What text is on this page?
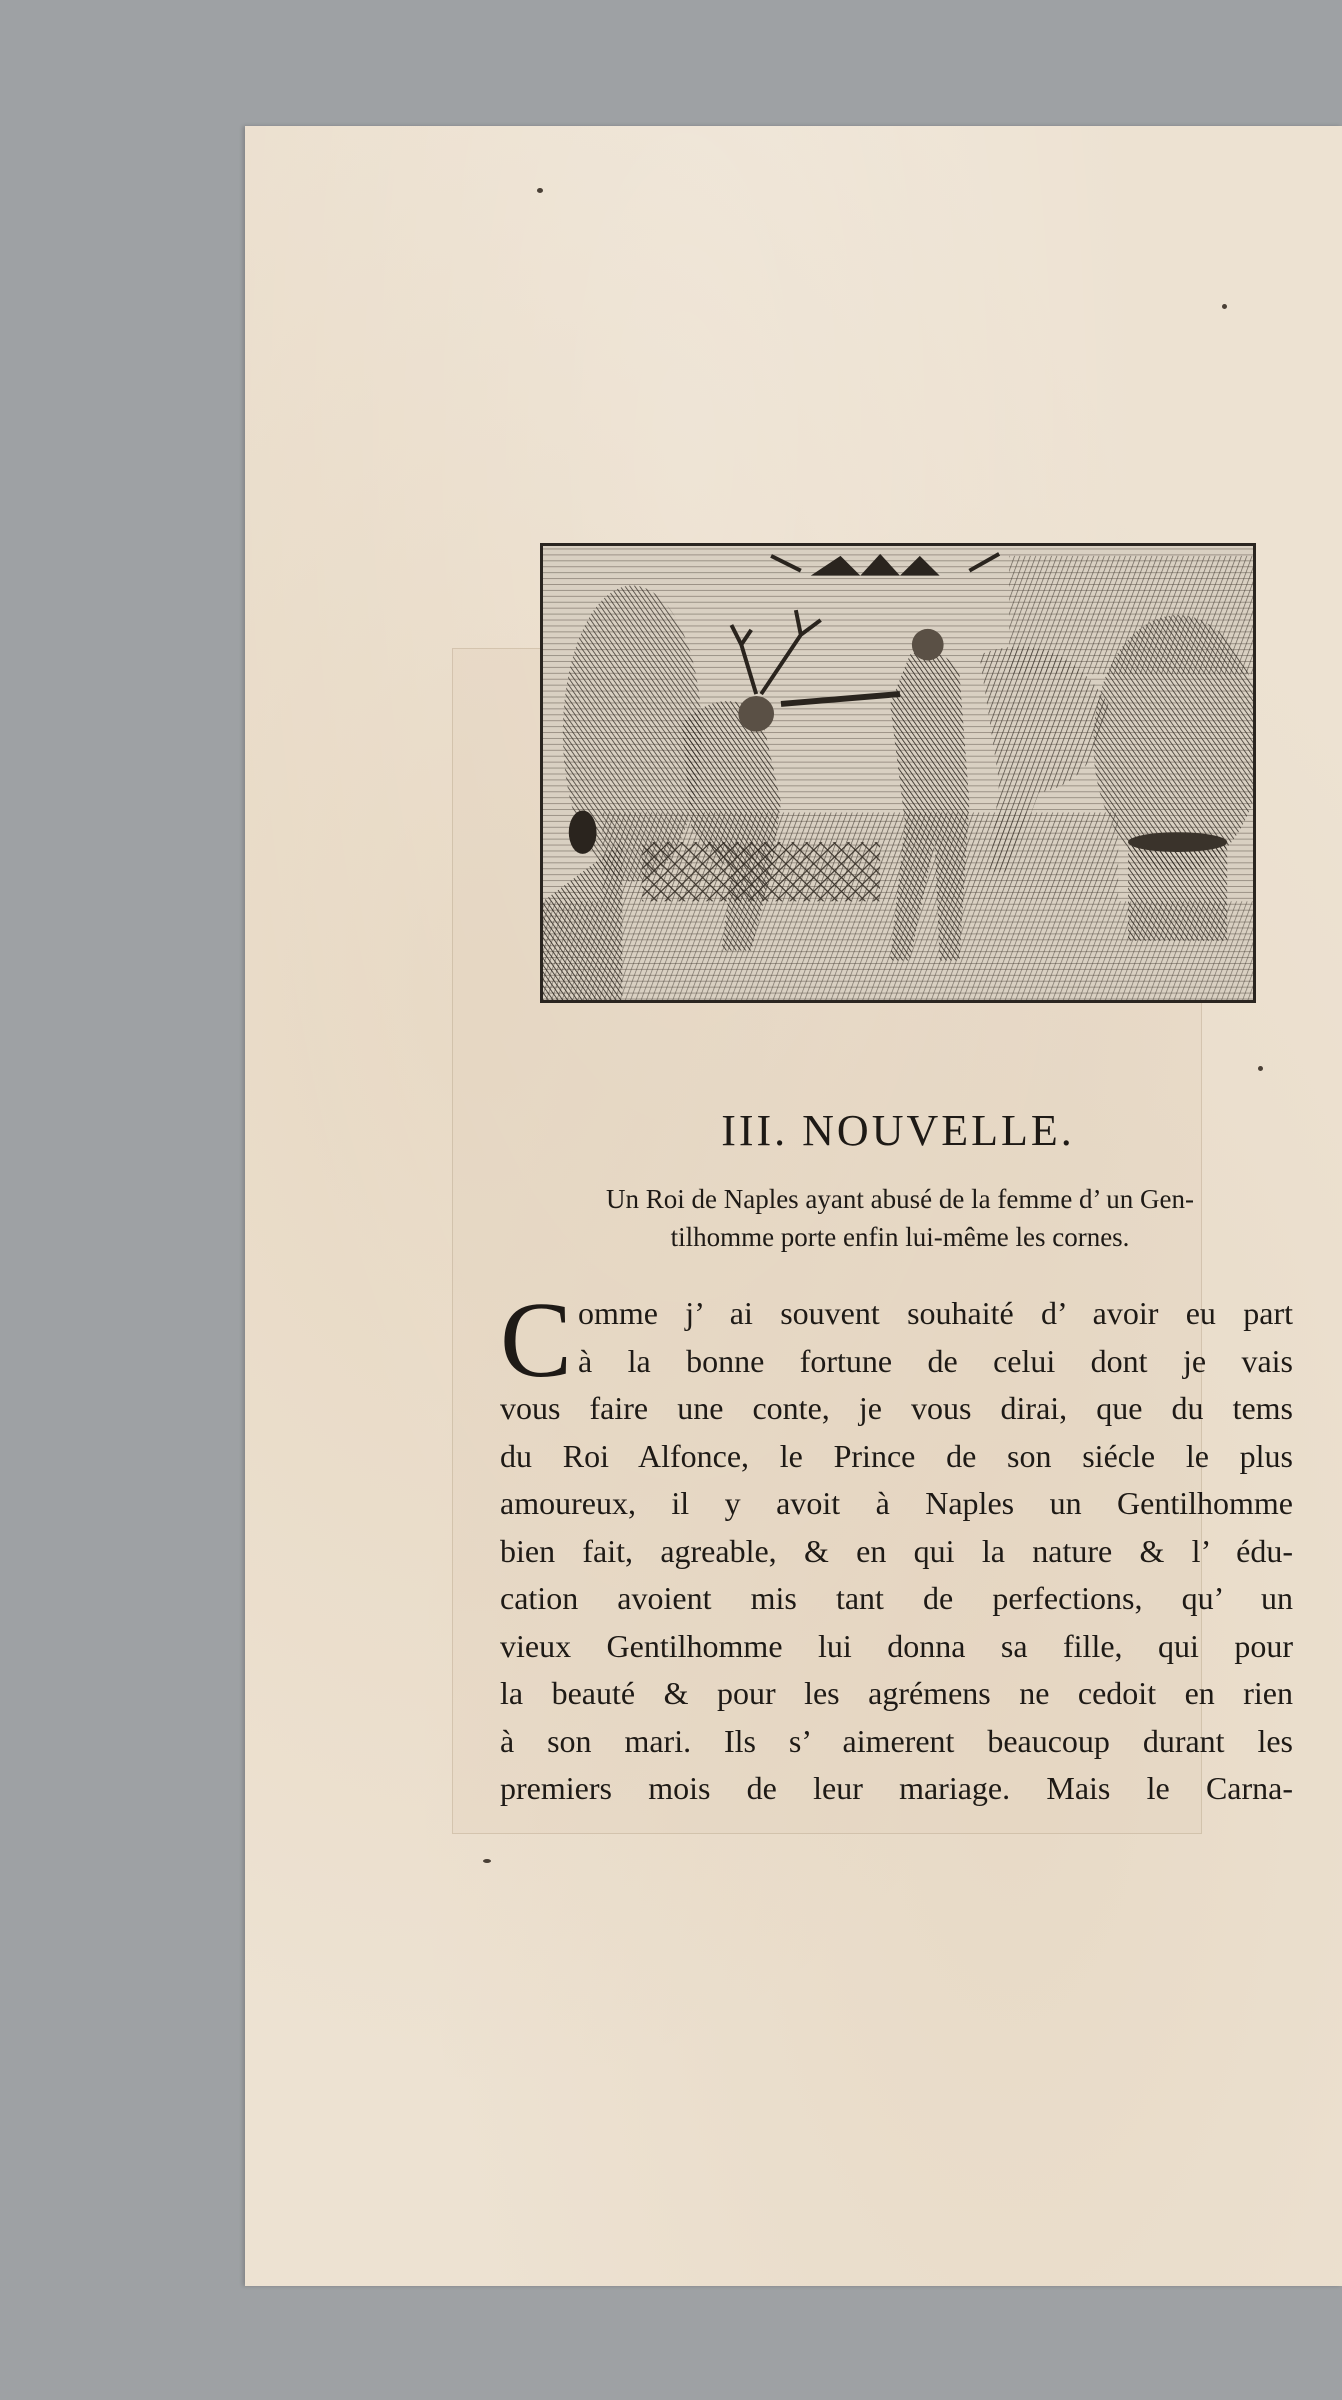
III. NOUVELLE.
Un Roi de Naples ayant abusé de la femme d’ un Gen-
tilhomme porte enfin lui-même les cornes.
C omme j’ ai souvent souhaité d’ avoir eu part
à la bonne fortune de celui dont je vais
vous faire une conte, je vous dirai, que du tems
du Roi Alfonce, le Prince de son siécle le plus
amoureux, il y avoit à Naples un Gentilhomme
bien fait, agreable, & en qui la nature & l’ édu-
cation avoient mis tant de perfections, qu’ un
vieux Gentilhomme lui donna sa fille, qui pour
la beauté & pour les agrémens ne cedoit en rien
à son mari. Ils s’ aimerent beaucoup durant les
premiers mois de leur mariage. Mais le Carna-
